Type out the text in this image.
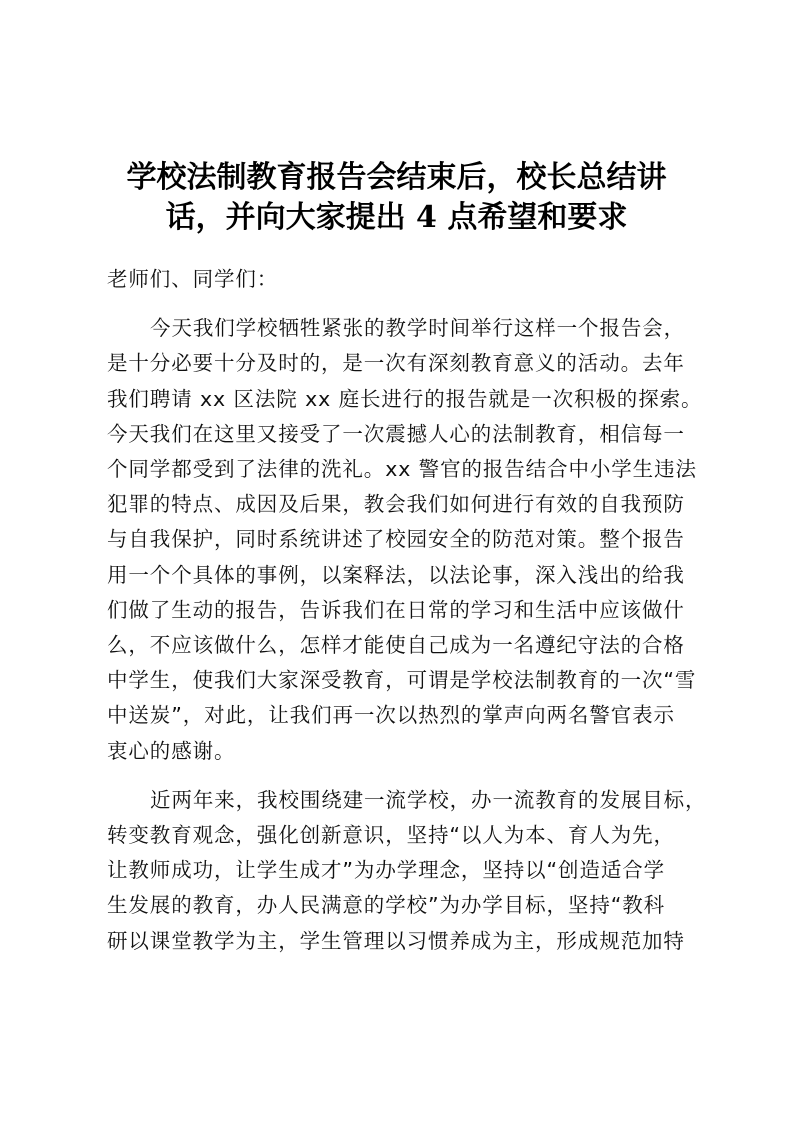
学校法制教育报告会结束后，校长总结讲
话，并向大家提出 4 点希望和要求

老师们、同学们：

今天我们学校牺牲紧张的教学时间举行这样一个报告会，
是十分必要十分及时的，是一次有深刻教育意义的活动。去年
我们聘请 xx 区法院 xx 庭长进行的报告就是一次积极的探索。
今天我们在这里又接受了一次震撼人心的法制教育，相信每一
个同学都受到了法律的洗礼。xx 警官的报告结合中小学生违法
犯罪的特点、成因及后果，教会我们如何进行有效的自我预防
与自我保护，同时系统讲述了校园安全的防范对策。整个报告
用一个个具体的事例，以案释法，以法论事，深入浅出的给我
们做了生动的报告，告诉我们在日常的学习和生活中应该做什
么，不应该做什么，怎样才能使自己成为一名遵纪守法的合格
中学生，使我们大家深受教育，可谓是学校法制教育的一次“雪
中送炭”，对此，让我们再一次以热烈的掌声向两名警官表示
衷心的感谢。

近两年来，我校围绕建一流学校，办一流教育的发展目标，
转变教育观念，强化创新意识，坚持“以人为本、育人为先，
让教师成功，让学生成才”为办学理念，坚持以“创造适合学
生发展的教育，办人民满意的学校”为办学目标，坚持“教科
研以课堂教学为主，学生管理以习惯养成为主，形成规范加特
